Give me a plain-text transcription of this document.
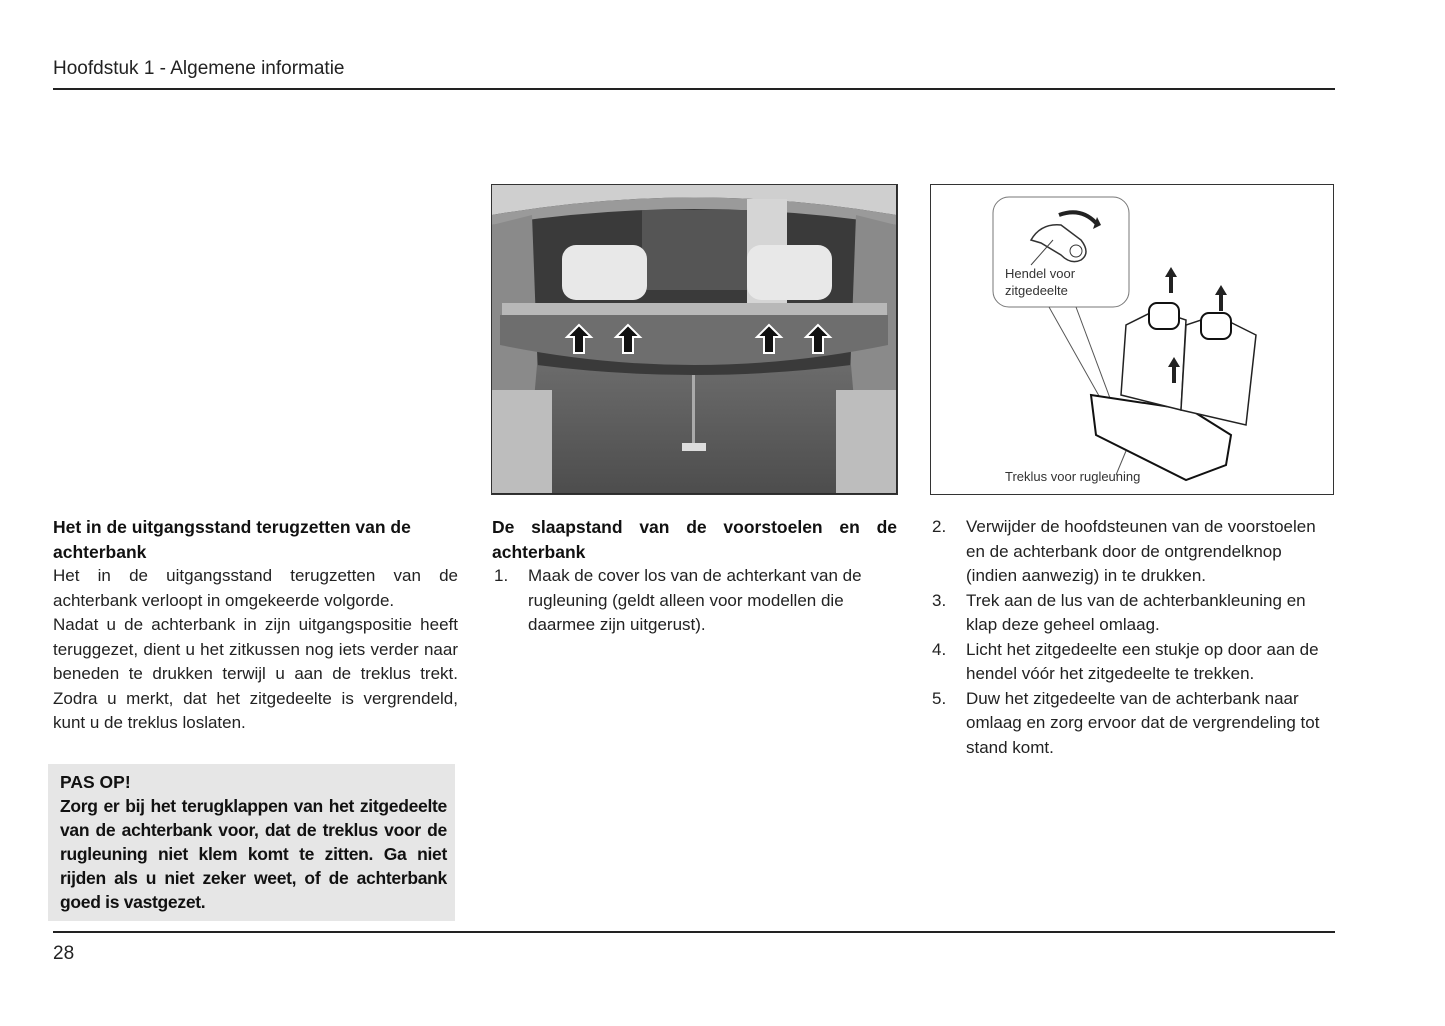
Hoofdstuk 1 - Algemene informatie
Hendel voor
zitgedeelte
Treklus voor rugleuning
Het in de uitgangsstand terugzetten van de achterbank
Het in de uitgangsstand terugzetten van de achterbank verloopt in omgekeerde volgorde.
Nadat u de achterbank in zijn uitgangspositie heeft teruggezet, dient u het zitkussen nog iets verder naar beneden te drukken terwijl u aan de treklus trekt. Zodra u merkt, dat het zitgedeelte is vergrendeld, kunt u de treklus loslaten.
PAS OP!
Zorg er bij het terugklappen van het zitgedeelte van de achterbank voor, dat de treklus voor de rugleuning niet klem komt te zitten. Ga niet rijden als u niet zeker weet, of de achterbank goed is vastgezet.
De slaapstand van de voorstoelen en de achterbank
1.	Maak de cover los van de achterkant van de rugleuning (geldt alleen voor modellen die daarmee zijn uitgerust).
2.	Verwijder de hoofdsteunen van de voorstoelen en de achterbank door de ontgrendelknop (indien aanwezig) in te drukken.
3.	Trek aan de lus van de achterbankleuning en klap deze geheel omlaag.
4.	Licht het zitgedeelte een stukje op door aan de hendel vóór het zitgedeelte te trekken.
5.	Duw het zitgedeelte van de achterbank naar omlaag en zorg ervoor dat de vergrendeling tot stand komt.
28
